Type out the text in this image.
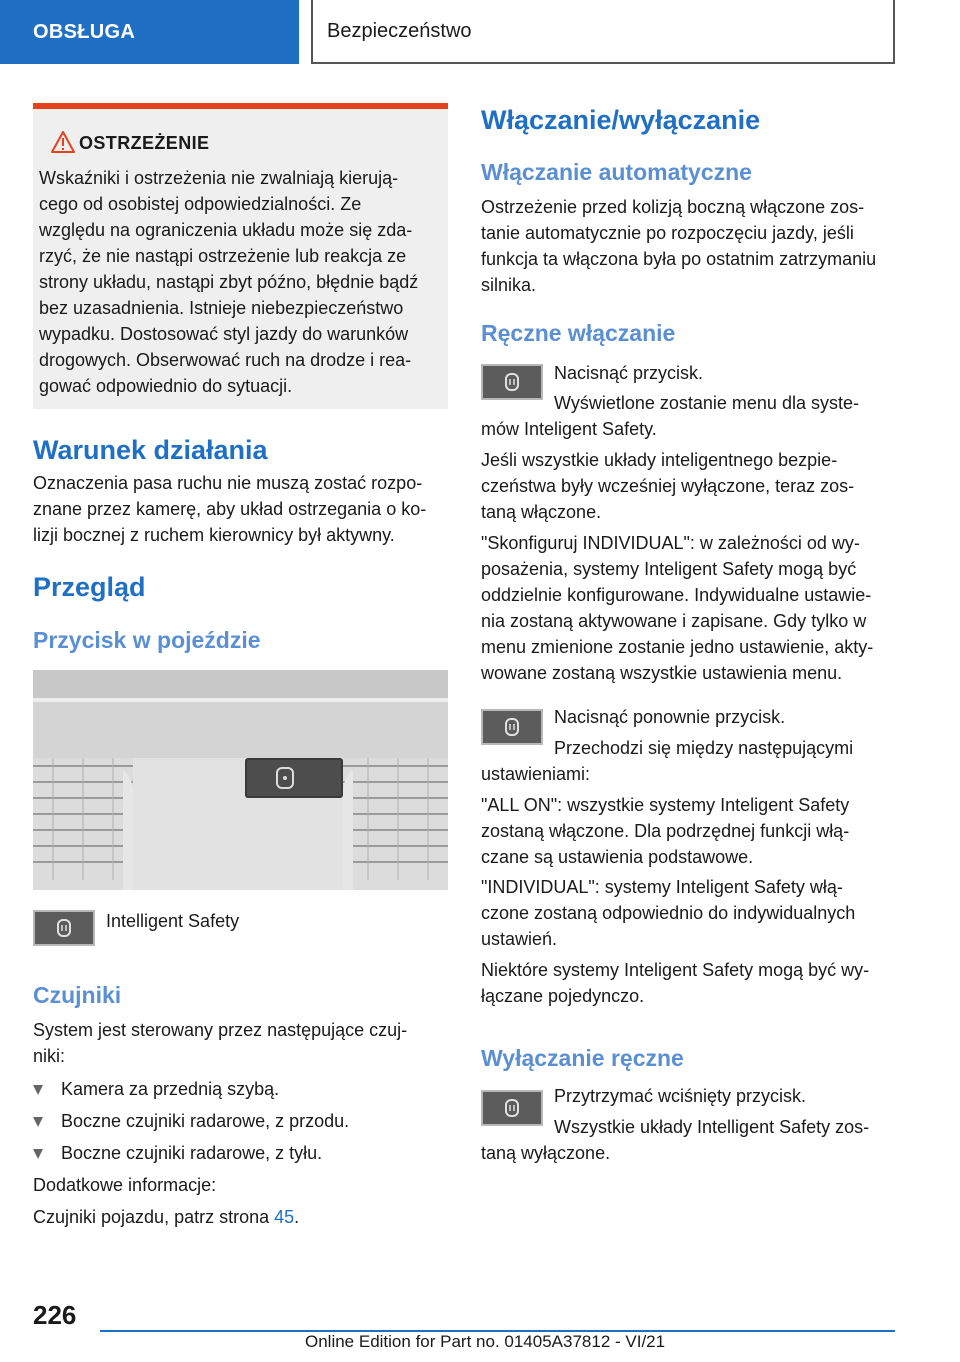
OBSŁUGA	Bezpieczeństwo
OSTRZEŻENIE

Wskaźniki i ostrzeżenia nie zwalniają kierują-

cego od osobistej odpowiedzialności. Ze

względu na ograniczenia układu może się zda-

rzyć, że nie nastąpi ostrzeżenie lub reakcja ze

strony układu, nastąpi zbyt późno, błędnie bądź

bez uzasadnienia. Istnieje niebezpieczeństwo

wypadku. Dostosować styl jazdy do warunków

drogowych. Obserwować ruch na drodze i rea-

gować odpowiednio do sytuacji.

Warunek działania

Oznaczenia pasa ruchu nie muszą zostać rozpo-

znane przez kamerę, aby układ ostrzegania o ko-

lizji bocznej z ruchem kierownicy był aktywny.

Przegląd
Przycisk w pojeździe
Intelligent Safety
Czujniki

System jest sterowany przez następujące czuj-

niki:

Kamera za przednią szybą.

Boczne czujniki radarowe, z przodu.

Boczne czujniki radarowe, z tyłu.

Dodatkowe informacje:

Czujniki pojazdu, patrz strona 45.

Włączanie/wyłączanie
Włączanie automatyczne

Ostrzeżenie przed kolizją boczną włączone zos-

tanie automatycznie po rozpoczęciu jazdy, jeśli

funkcja ta włączona była po ostatnim zatrzymaniu

silnika.

Ręczne włączanie
Nacisnąć przycisk.
Wyświetlone zostanie menu dla syste-
mów Inteligent Safety.

Jeśli wszystkie układy inteligentnego bezpie-

czeństwa były wcześniej wyłączone, teraz zos-

taną włączone.

"Skonfiguruj INDIVIDUAL": w zależności od wy-

posażenia, systemy Inteligent Safety mogą być

oddzielnie konfigurowane. Indywidualne ustawie-

nia zostaną aktywowane i zapisane. Gdy tylko w

menu zmienione zostanie jedno ustawienie, akty-

wowane zostaną wszystkie ustawienia menu.

Nacisnąć ponownie przycisk.
Przechodzi się między następującymi
ustawieniami:

"ALL ON": wszystkie systemy Inteligent Safety

zostaną włączone. Dla podrzędnej funkcji włą-

czane są ustawienia podstawowe.

"INDIVIDUAL": systemy Inteligent Safety włą-

czone zostaną odpowiednio do indywidualnych

ustawień.

Niektóre systemy Inteligent Safety mogą być wy-

łączane pojedynczo.

Wyłączanie ręczne
Przytrzymać wciśnięty przycisk.
Wszystkie układy Intelligent Safety zos-
taną wyłączone.
226
Online Edition for Part no. 01405A37812 - VI/21
